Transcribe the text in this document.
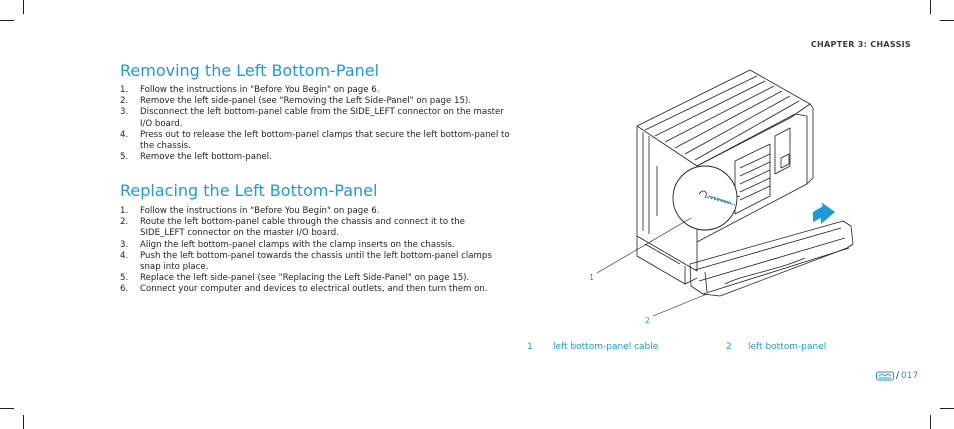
CHAPTER 3: CHASSIS
Removing the Left Bottom-Panel
1. Follow the instructions in "Before You Begin" on page 6.
2. Remove the left side-panel (see "Removing the Left Side-Panel" on page 15).
3. Disconnect the left bottom-panel cable from the SIDE_LEFT connector on the master I/O board.
4. Press out to release the left bottom-panel clamps that secure the left bottom-panel to the chassis.
5. Remove the left bottom-panel.
Replacing the Left Bottom-Panel
1. Follow the instructions in "Before You Begin" on page 6.
2. Route the left bottom-panel cable through the chassis and connect it to the SIDE_LEFT connector on the master I/O board.
3. Align the left bottom-panel clamps with the clamp inserts on the chassis.
4. Push the left bottom-panel towards the chassis until the left bottom-panel clamps snap into place.
5. Replace the left side-panel (see "Replacing the Left Side-Panel" on page 15).
6. Connect your computer and devices to electrical outlets, and then turn them on.
1
2
1 left bottom-panel cable	2 left bottom-panel
/ 017
